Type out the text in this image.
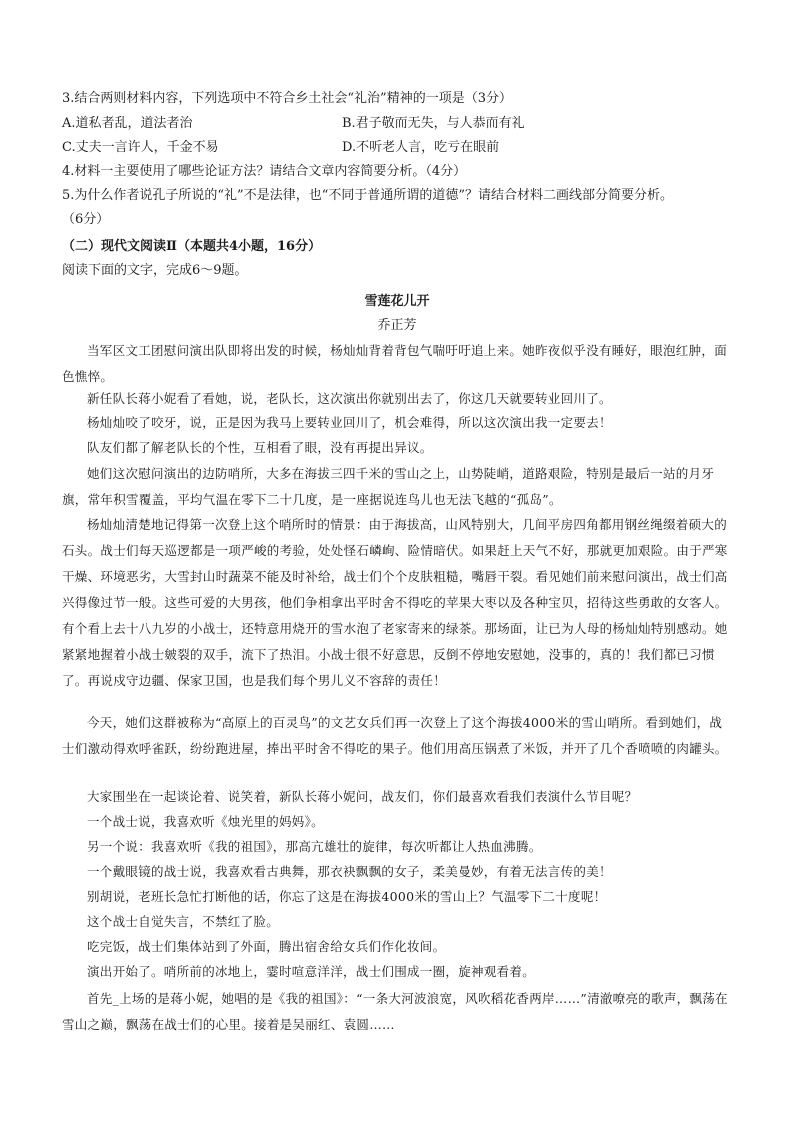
3.结合两则材料内容，下列选项中不符合乡土社会“礼治”精神的一项是（3分）
A.道私者乱，道法者治	B.君子敬而无失，与人恭而有礼
C.丈夫一言许人，千金不易	D.不听老人言，吃亏在眼前
4.材料一主要使用了哪些论证方法？请结合文章内容简要分析。（4分）
5.为什么作者说孔子所说的“礼”不是法律，也“不同于普通所谓的道德”？请结合材料二画线部分简要分析。
（6分）
（二）现代文阅读Ⅱ（本题共4小题，16分）
阅读下面的文字，完成6～9题。
雪莲花儿开
乔正芳
当军区文工团慰问演出队即将出发的时候，杨灿灿背着背包气喘吁吁追上来。她昨夜似乎没有睡好，眼泡红肿，面色憔悴。
新任队长蒋小妮看了看她，说，老队长，这次演出你就别出去了，你这几天就要转业回川了。
杨灿灿咬了咬牙，说，正是因为我马上要转业回川了，机会难得，所以这次演出我一定要去！
队友们都了解老队长的个性，互相看了眼，没有再提出异议。
她们这次慰问演出的边防哨所，大多在海拔三四千米的雪山之上，山势陡峭，道路艰险，特别是最后一站的月牙旗，常年积雪覆盖，平均气温在零下二十几度，是一座据说连鸟儿也无法飞越的“孤岛”。
杨灿灿清楚地记得第一次登上这个哨所时的情景：由于海拔高，山风特别大，几间平房四角都用钢丝绳缀着硕大的石头。战士们每天巡逻都是一项严峻的考验，处处怪石嶙峋、险情暗伏。如果赶上天气不好，那就更加艰险。由于严寒干燥、环境恶劣，大雪封山时蔬菜不能及时补给，战士们个个皮肤粗糙，嘴唇干裂。看见她们前来慰问演出，战士们高兴得像过节一般。这些可爱的大男孩，他们争相拿出平时舍不得吃的苹果大枣以及各种宝贝，招待这些勇敢的女客人。有个看上去十八九岁的小战士，还特意用烧开的雪水泡了老家寄来的绿茶。那场面，让已为人母的杨灿灿特别感动。她紧紧地握着小战士皴裂的双手，流下了热泪。小战士很不好意思，反倒不停地安慰她，没事的，真的！我们都已习惯了。再说戍守边疆、保家卫国，也是我们每个男儿义不容辞的责任！
今天，她们这群被称为“高原上的百灵鸟”的文艺女兵们再一次登上了这个海拔4000米的雪山哨所。看到她们，战士们激动得欢呼雀跃，纷纷跑进屋，捧出平时舍不得吃的果子。他们用高压锅煮了米饭，并开了几个香喷喷的肉罐头。
大家围坐在一起谈论着、说笑着，新队长蒋小妮问，战友们，你们最喜欢看我们表演什么节目呢？
一个战士说，我喜欢听《烛光里的妈妈》。
另一个说：我喜欢听《我的祖国》，那高亢雄壮的旋律，每次听都让人热血沸腾。
一个戴眼镜的战士说，我喜欢看古典舞，那衣袂飘飘的女子，柔美曼妙，有着无法言传的美！
别胡说，老班长急忙打断他的话，你忘了这是在海拔4000米的雪山上？气温零下二十度呢！
这个战士自觉失言，不禁红了脸。
吃完饭，战士们集体站到了外面，腾出宿舍给女兵们作化妆间。
演出开始了。哨所前的冰地上，霎时喧意洋洋，战士们围成一圈，旋神观看着。
首先_上场的是蒋小妮，她唱的是《我的祖国》：“一条大河波浪宽，风吹稻花香两岸……”清澈嘹亮的歌声，飘荡在雪山之巅，飘荡在战士们的心里。接着是吴丽红、袁圆……
